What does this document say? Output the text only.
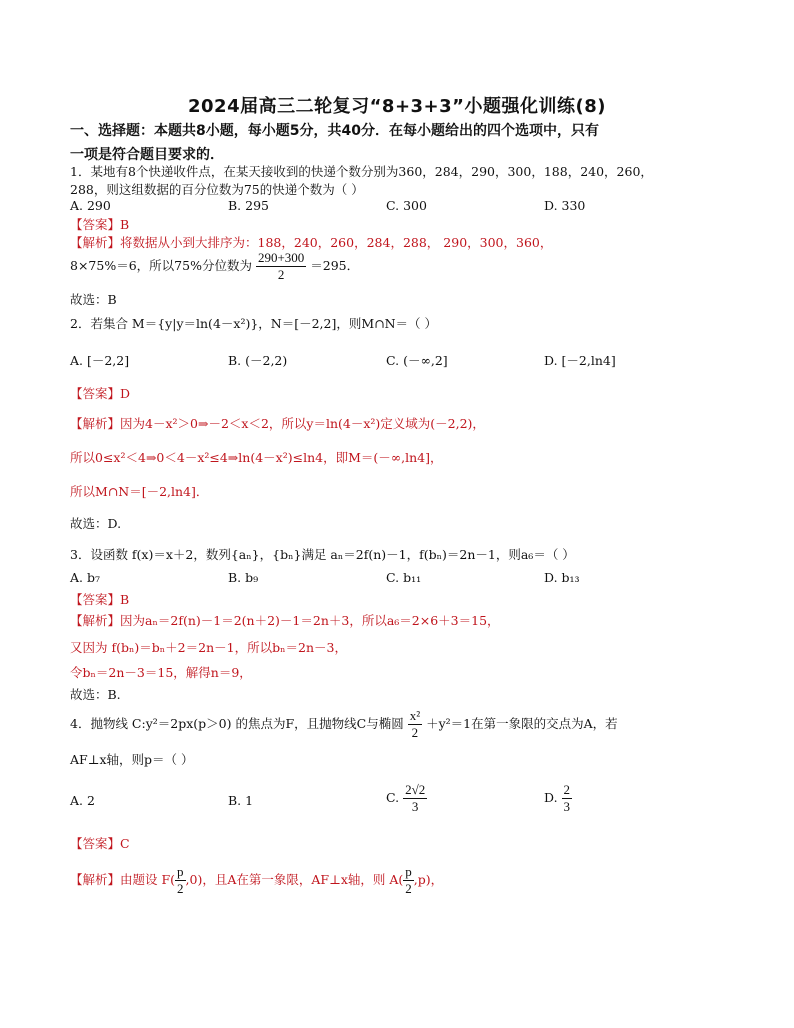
2024届高三二轮复习“8+3+3”小题强化训练(8)
一、选择题：本题共8小题，每小题5分，共40分．在每小题给出的四个选项中，只有
一项是符合题目要求的．
1．某地有8个快递收件点，在某天接收到的快递个数分别为360，284，290，300，188，240，260，
288，则这组数据的百分位数为75的快递个数为（ ）
A. 290	B. 295	C. 300	D. 330
【答案】B
【解析】将数据从小到大排序为：188，240，260，284，288， 290，300，360，
8×75%＝6，所以75%分位数为 $\frac{290+300}{2} =295$．
故选：B
2．若集合 M＝{y|y＝ln(4－x²)}，N＝[－2,2]，则M∩N＝（ ）
A. [－2,2]	B. (－2,2)	C. (－∞,2]	D. [－2,ln4]
【答案】D
【解析】因为4－x²＞0⇒－2＜x＜2，所以y＝ln(4－x²)定义域为(－2,2)，
所以0≤x²＜4⇒0＜4－x²≤4⇒ln(4－x²)≤ln4，即M＝(－∞,ln4]，
所以M∩N＝[－2,ln4]．
故选：D.
3．设函数 f(x)＝x＋2，数列{aₙ}，{bₙ}满足 aₙ＝2f(n)－1，f(bₙ)＝2n－1，则a₆＝（ ）
A. b₇	B. b₉	C. b₁₁	D. b₁₃
【答案】B
【解析】因为aₙ＝2f(n)－1＝2(n＋2)－1＝2n＋3，所以a₆＝2×6＋3＝15，
又因为 f(bₙ)＝bₙ＋2＝2n－1，所以bₙ＝2n－3，
令bₙ＝2n－3＝15，解得n＝9，
故选：B.
4．抛物线 C:y²＝2px(p＞0) 的焦点为F，且抛物线C与椭圆 $\frac{\text{x²}}{2} +y^2=1$在第一象限的交点为A，若
AF⊥x轴，则p＝（ ）
A. 2	B. 1	C. $\frac{2√2}{3}$	D. $\frac{2}{3}$
【答案】C
【解析】由题设 $F( \frac{p}{2} ,0)$，且A在第一象限，AF⊥x轴，则 $A( \frac{p}{2} ,p)$，
